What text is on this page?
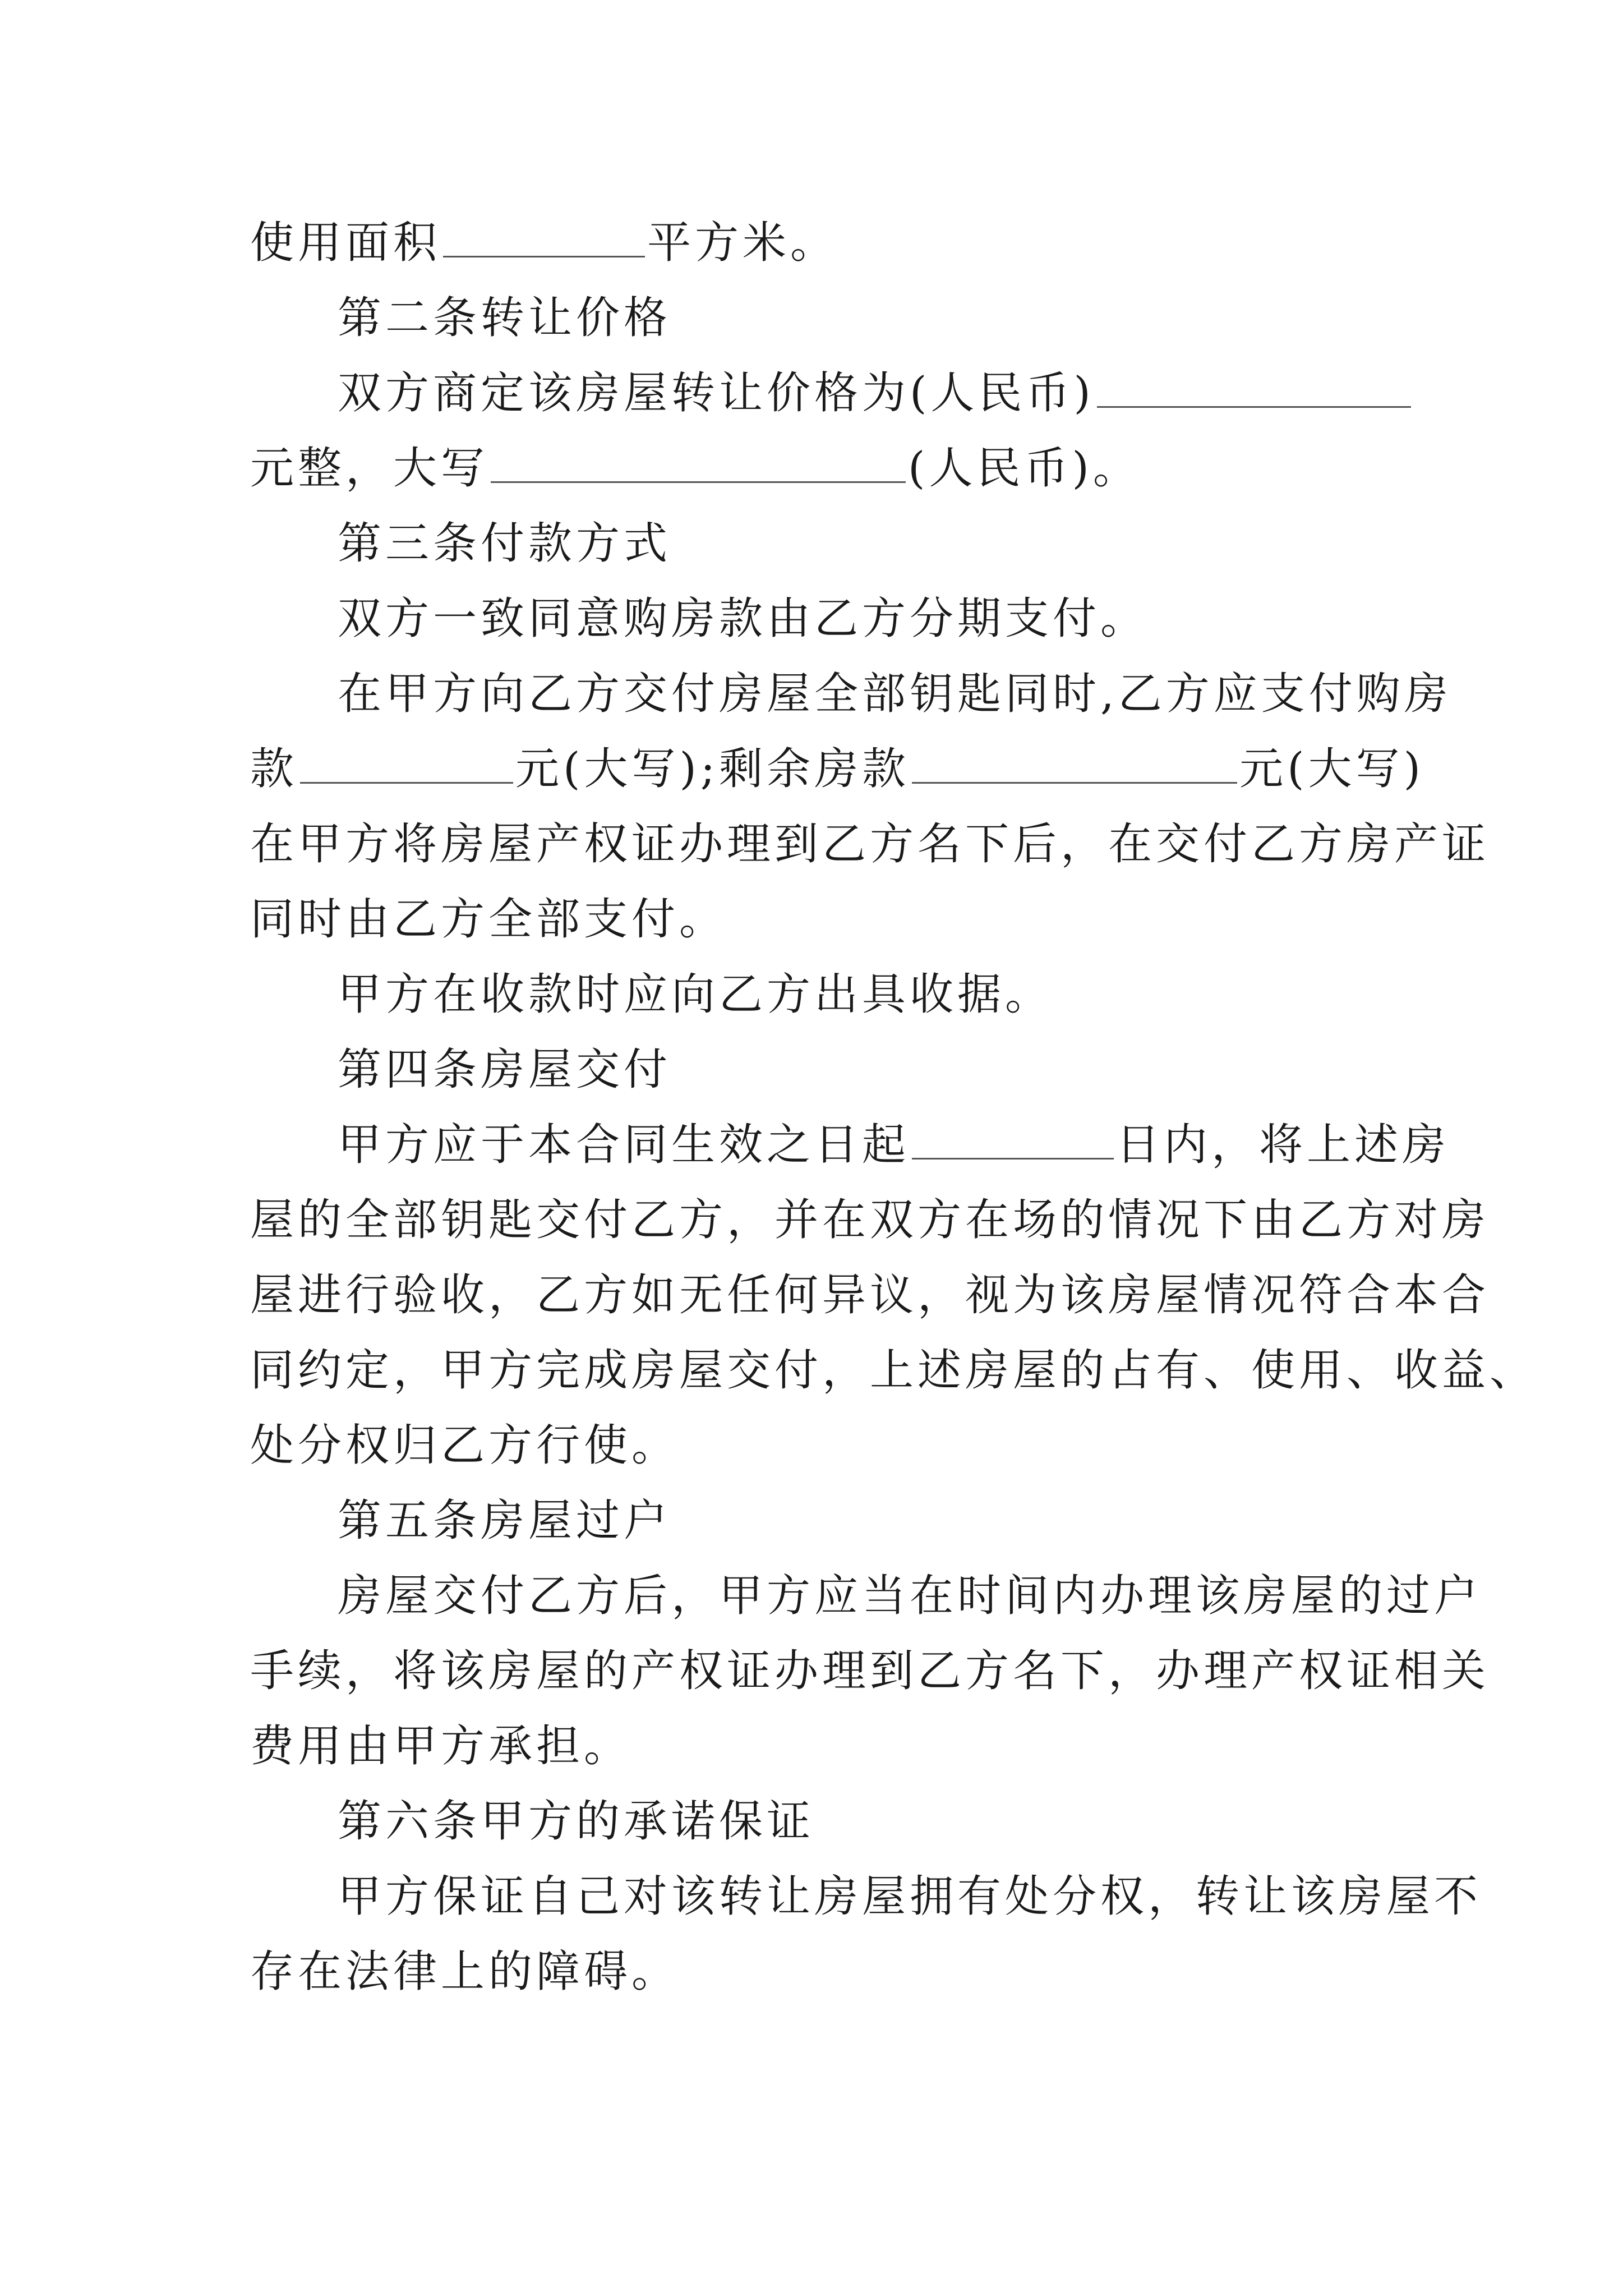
使用面积	平方米。
第二条转让价格
双方商定该房屋转让价格为(人民币)
元整，大写	(人民币)。
第三条付款方式
双方一致同意购房款由乙方分期支付。
在甲方向乙方交付房屋全部钥匙同时,乙方应支付购房
款	元(大写);剩余房款	元(大写)
在甲方将房屋产权证办理到乙方名下后，在交付乙方房产证
同时由乙方全部支付。
甲方在收款时应向乙方出具收据。
第四条房屋交付
甲方应于本合同生效之日起	日内，将上述房
屋的全部钥匙交付乙方，并在双方在场的情况下由乙方对房
屋进行验收，乙方如无任何异议，视为该房屋情况符合本合
同约定，甲方完成房屋交付，上述房屋的占有、使用、收益、
处分权归乙方行使。
第五条房屋过户
房屋交付乙方后，甲方应当在时间内办理该房屋的过户
手续，将该房屋的产权证办理到乙方名下，办理产权证相关
费用由甲方承担。
第六条甲方的承诺保证
甲方保证自己对该转让房屋拥有处分权，转让该房屋不
存在法律上的障碍。
